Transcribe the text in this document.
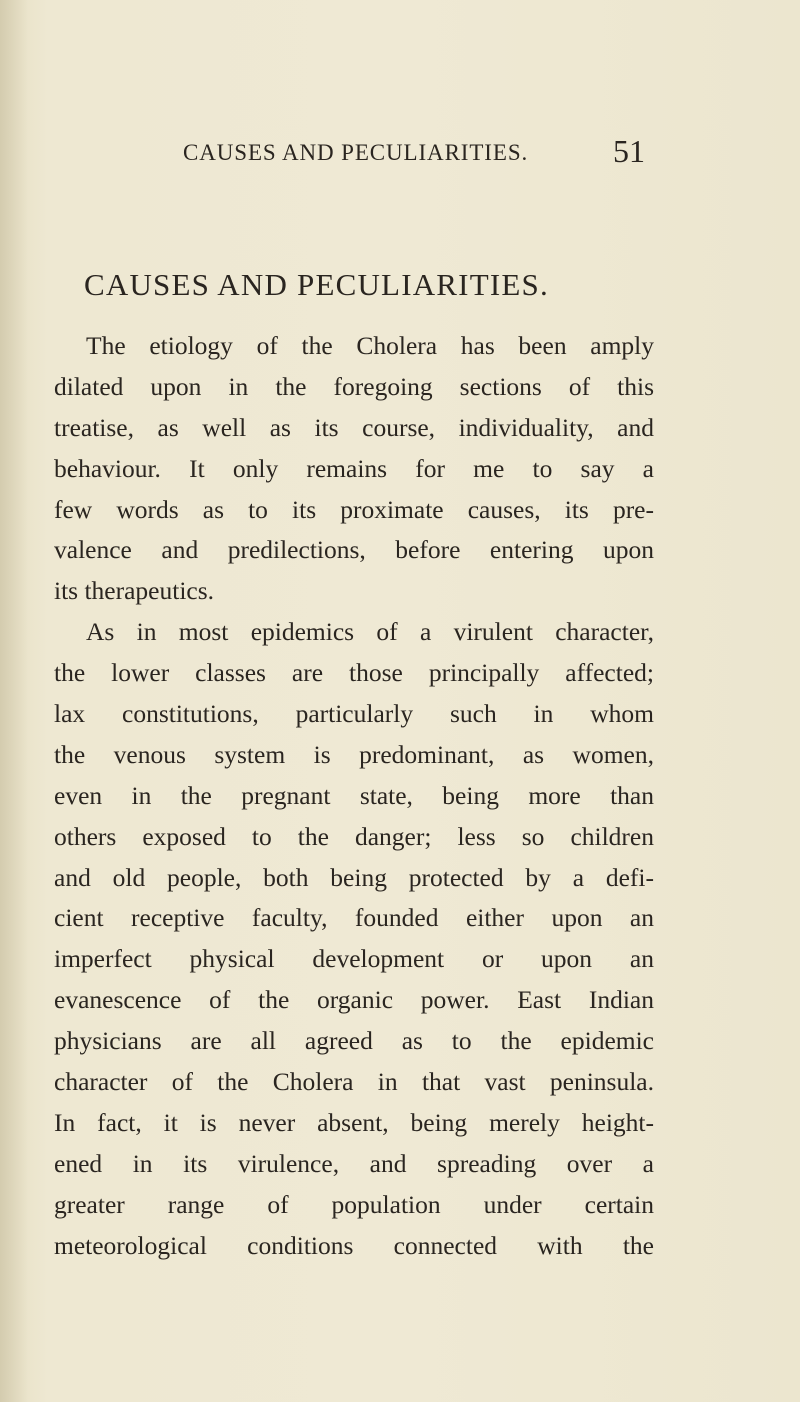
CAUSES AND PECULIARITIES.	51
CAUSES AND PECULIARITIES.
The etiology of the Cholera has been amply
dilated upon in the foregoing sections of this
treatise, as well as its course, individuality, and
behaviour. It only remains for me to say a
few words as to its proximate causes, its pre-
valence and predilections, before entering upon
its therapeutics.
As in most epidemics of a virulent character,
the lower classes are those principally affected;
lax constitutions, particularly such in whom
the venous system is predominant, as women,
even in the pregnant state, being more than
others exposed to the danger; less so children
and old people, both being protected by a defi-
cient receptive faculty, founded either upon an
imperfect physical development or upon an
evanescence of the organic power. East Indian
physicians are all agreed as to the epidemic
character of the Cholera in that vast peninsula.
In fact, it is never absent, being merely height-
ened in its virulence, and spreading over a
greater range of population under certain
meteorological conditions connected with the
